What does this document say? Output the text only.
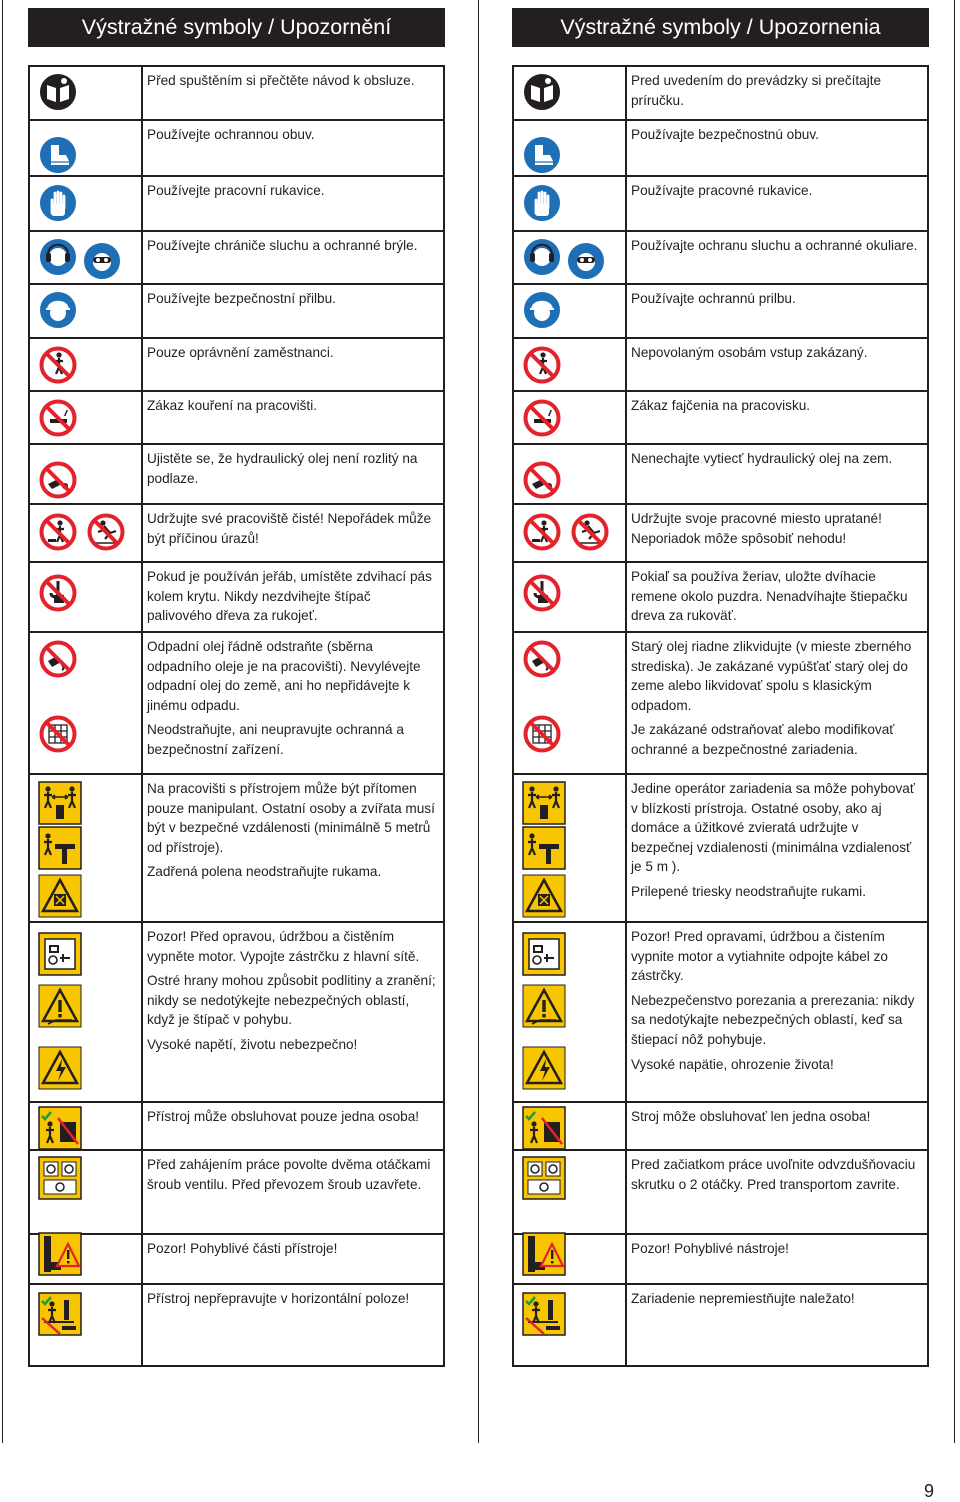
Výstražné symboly / Upozornění

Před spuštěním si přečtěte návod k obsluze.

Používejte ochrannou obuv.

Používejte pracovní rukavice.

Používejte chrániče sluchu a ochranné brýle.

Používejte bezpečnostní přilbu.

Pouze oprávnění zaměstnanci.

Zákaz kouření na pracovišti.

Ujistěte se, že hydraulický olej není rozlitý na podlaze.

Udržujte své pracoviště čisté! Nepořádek může být příčinou úrazů!

Pokud je používán jeřáb, umístěte zdvihací pás kolem krytu. Nikdy nezdvihejte štípač palivového dřeva za rukojeť.

Odpadní olej řádně odstraňte (sběrna odpadního oleje je na pracovišti). Nevylévejte odpadní olej do země, ani ho nepřidávejte k jinému odpadu.

Neodstraňujte, ani neupravujte ochranná a bezpečnostní zařízení.

Na pracovišti s přístrojem může být přítomen pouze manipulant. Ostatní osoby a zvířata musí být v bezpečné vzdálenosti (minimálně 5 metrů od přístroje).

Zadřená polena neodstraňujte rukama.

Pozor! Před opravou, údržbou a čistěním vypněte motor. Vypojte zástrčku z hlavní sítě.

Ostré hrany mohou způsobit podlitiny a zranění; nikdy se nedotýkejte nebezpečných oblastí, když je štípač v pohybu.

Vysoké napětí, životu nebezpečno!

Přístroj může obsluhovat pouze jedna osoba!

Před zahájením práce povolte dvěma otáčkami šroub ventilu. Před převozem šroub uzavřete.

Pozor! Pohyblivé části přístroje!

Přístroj nepřepravujte v horizontální poloze!

Výstražné symboly / Upozornenia

Pred uvedením do prevádzky si prečítajte príručku.

Používajte bezpečnostnú obuv.

Používajte pracovné rukavice.

Používajte ochranu sluchu a ochranné okuliare.

Používajte ochrannú prilbu.

Nepovolaným osobám vstup zakázaný.

Zákaz fajčenia na pracovisku.

Nenechajte vytiecť hydraulický olej na zem.

Udržujte svoje pracovné miesto upratané! Neporiadok môže spôsobiť nehodu!

Pokiaľ sa používa žeriav, uložte dvíhacie remene okolo puzdra. Nenadvíhajte štiepačku dreva za rukoväť.

Starý olej riadne zlikvidujte (v mieste zberného strediska). Je zakázané vypúšťať starý olej do zeme alebo likvidovať spolu s klasickým odpadom.

Je zakázané odstraňovať alebo modifikovať ochranné a bezpečnostné zariadenia.

Jedine operátor zariadenia sa môže pohybovať v blízkosti prístroja. Ostatné osoby, ako aj domáce a úžitkové zvieratá udržujte v bezpečnej vzdialenosti (minimálna vzdialenosť je 5 m ).

Prilepené triesky neodstraňujte rukami.

Pozor! Pred opravami, údržbou a čistením vypnite motor a vytiahnite odpojte kábel zo zástrčky.

Nebezpečenstvo porezania a prerezania: nikdy sa nedotýkajte nebezpečných oblastí, keď sa štiepací nôž pohybuje.

Vysoké napätie, ohrozenie života!

Stroj môže obsluhovať len jedna osoba!

Pred začiatkom práce uvoľnite odvzdušňovaciu skrutku o 2 otáčky. Pred transportom zavrite.

Pozor! Pohyblivé nástroje!

Zariadenie nepremiestňujte naležato!

9
